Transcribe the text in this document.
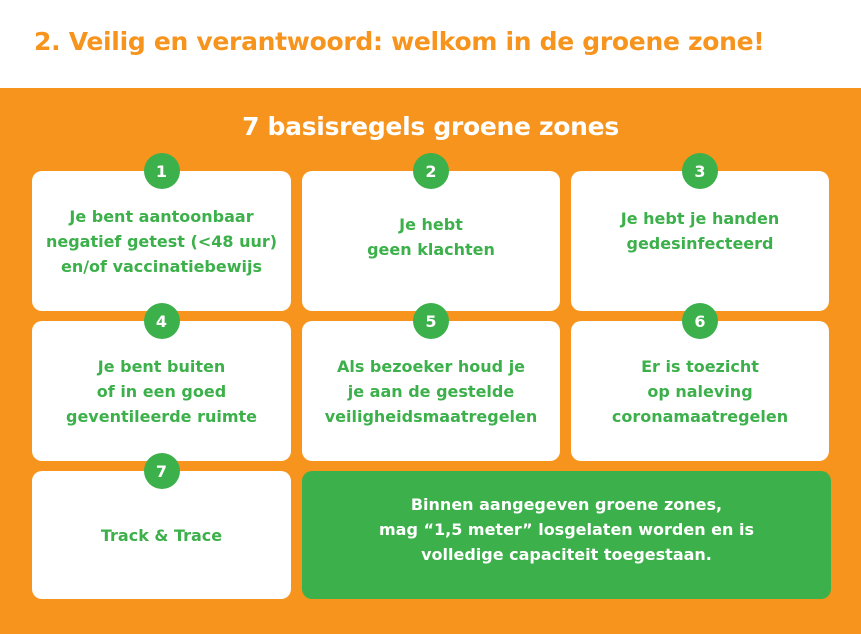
2. Veilig en verantwoord: welkom in de groene zone!
7 basisregels groene zones
1
Je bent aantoonbaar
negatief getest (<48 uur)
en/of vaccinatiebewijs
2
Je hebt
geen klachten
3
Je hebt je handen
gedesinfecteerd
4
Je bent buiten
of in een goed
geventileerde ruimte
5
Als bezoeker houd je
je aan de gestelde
veiligheidsmaatregelen
6
Er is toezicht
op naleving
coronamaatregelen
7
Track & Trace
Binnen aangegeven groene zones,
mag “1,5 meter” losgelaten worden en is
volledige capaciteit toegestaan.
